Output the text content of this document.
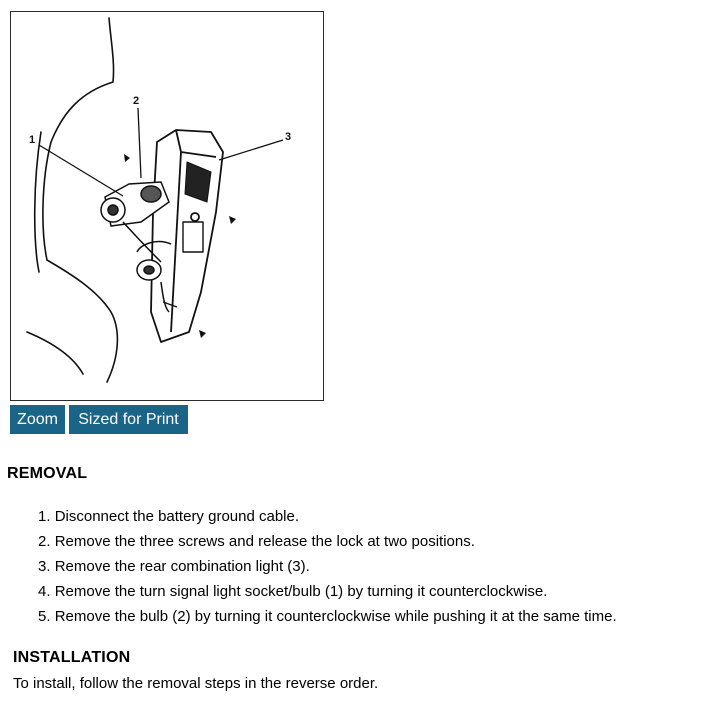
1
2
3
Zoom	Sized for Print
REMOVAL
1. Disconnect the battery ground cable.
2. Remove the three screws and release the lock at two positions.
3. Remove the rear combination light (3).
4. Remove the turn signal light socket/bulb (1) by turning it counterclockwise.
5. Remove the bulb (2) by turning it counterclockwise while pushing it at the same time.
INSTALLATION
To install, follow the removal steps in the reverse order.
